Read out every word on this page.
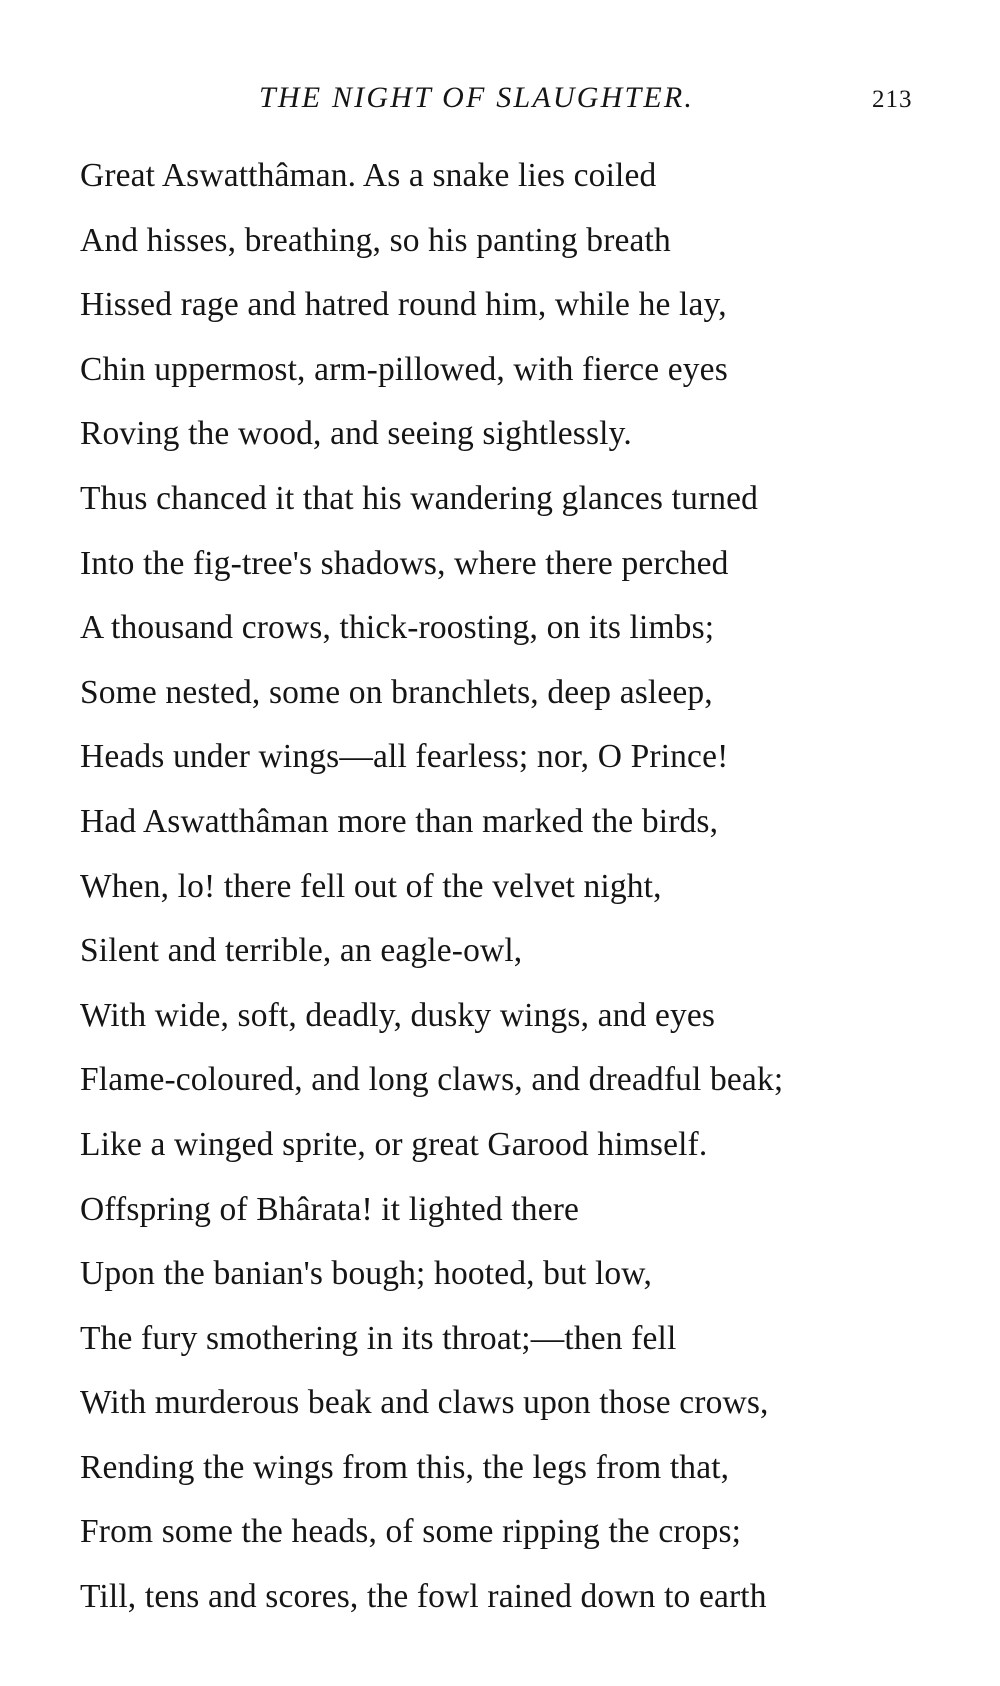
THE NIGHT OF SLAUGHTER.	213
Great Aswatthâman. As a snake lies coiled
And hisses, breathing, so his panting breath
Hissed rage and hatred round him, while he lay,
Chin uppermost, arm-pillowed, with fierce eyes
Roving the wood, and seeing sightlessly.
Thus chanced it that his wandering glances turned
Into the fig-tree's shadows, where there perched
A thousand crows, thick-roosting, on its limbs;
Some nested, some on branchlets, deep asleep,
Heads under wings—all fearless; nor, O Prince!
Had Aswatthâman more than marked the birds,
When, lo! there fell out of the velvet night,
Silent and terrible, an eagle-owl,
With wide, soft, deadly, dusky wings, and eyes
Flame-coloured, and long claws, and dreadful beak;
Like a winged sprite, or great Garood himself.
Offspring of Bhârata! it lighted there
Upon the banian's bough; hooted, but low,
The fury smothering in its throat;—then fell
With murderous beak and claws upon those crows,
Rending the wings from this, the legs from that,
From some the heads, of some ripping the crops;
Till, tens and scores, the fowl rained down to earth
